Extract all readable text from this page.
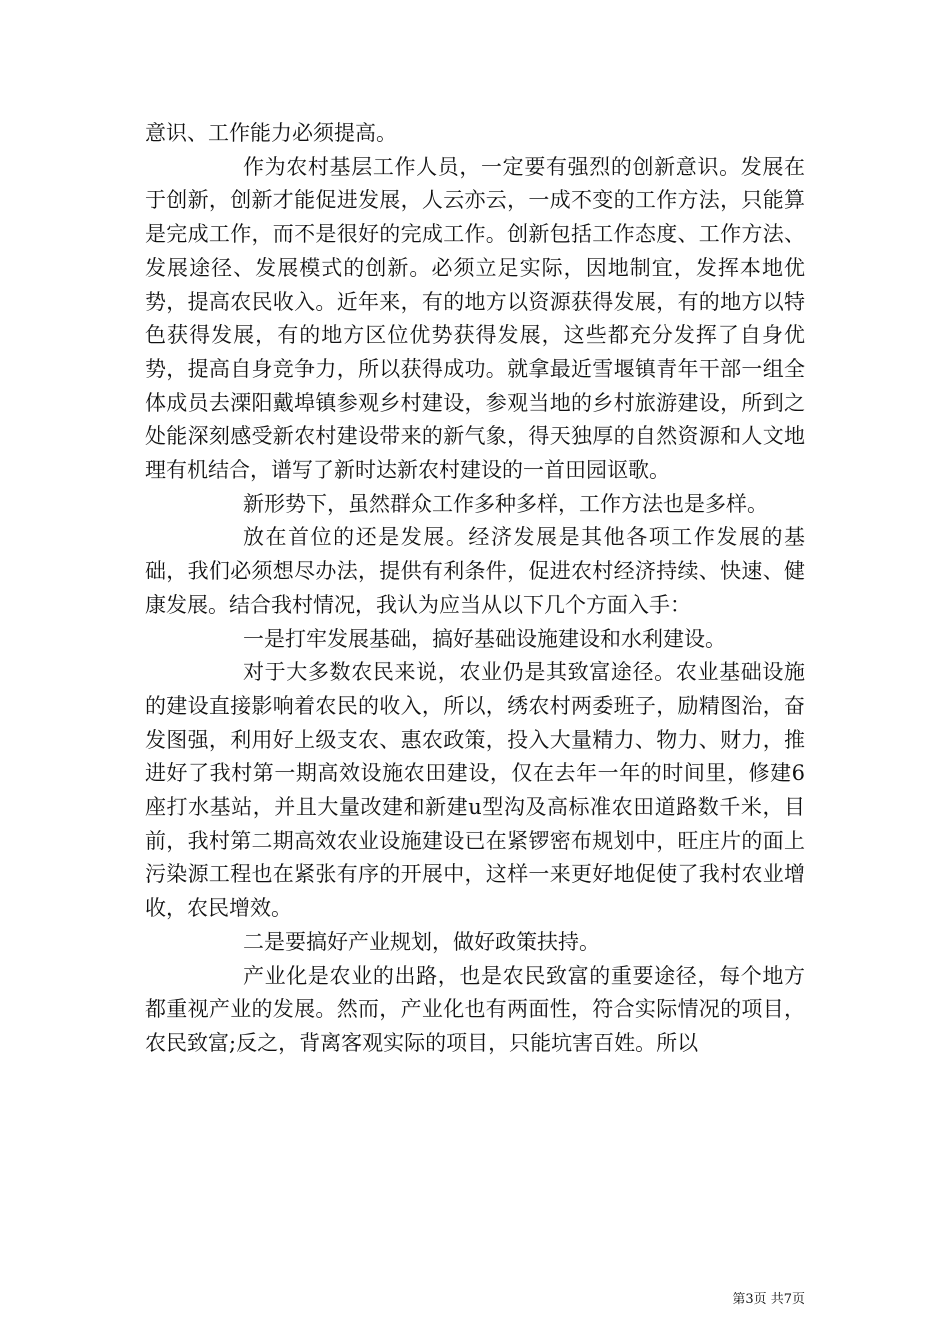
意识、工作能力必须提高。

作为农村基层工作人员，一定要有强烈的创新意识。发展在于创新，创新才能促进发展，人云亦云，一成不变的工作方法，只能算是完成工作，而不是很好的完成工作。创新包括工作态度、工作方法、发展途径、发展模式的创新。必须立足实际，因地制宜，发挥本地优势，提高农民收入。近年来，有的地方以资源获得发展，有的地方以特色获得发展，有的地方区位优势获得发展，这些都充分发挥了自身优势，提高自身竞争力，所以获得成功。就拿最近雪堰镇青年干部一组全体成员去溧阳戴埠镇参观乡村建设，参观当地的乡村旅游建设，所到之处能深刻感受新农村建设带来的新气象，得天独厚的自然资源和人文地理有机结合，谱写了新时达新农村建设的一首田园讴歌。

新形势下，虽然群众工作多种多样，工作方法也是多样。

放在首位的还是发展。经济发展是其他各项工作发展的基础，我们必须想尽办法，提供有利条件，促进农村经济持续、快速、健康发展。结合我村情况，我认为应当从以下几个方面入手：

一是打牢发展基础，搞好基础设施建设和水利建设。

对于大多数农民来说，农业仍是其致富途径。农业基础设施的建设直接影响着农民的收入，所以，绣农村两委班子，励精图治，奋发图强，利用好上级支农、惠农政策，投入大量精力、物力、财力，推进好了我村第一期高效设施农田建设，仅在去年一年的时间里，修建6座打水基站，并且大量改建和新建u型沟及高标准农田道路数千米，目前，我村第二期高效农业设施建设已在紧锣密布规划中，旺庄片的面上污染源工程也在紧张有序的开展中，这样一来更好地促使了我村农业增收，农民增效。

二是要搞好产业规划，做好政策扶持。

产业化是农业的出路，也是农民致富的重要途径，每个地方都重视产业的发展。然而，产业化也有两面性，符合实际情况的项目，农民致富;反之，背离客观实际的项目，只能坑害百姓。所以

第3页 共7页
